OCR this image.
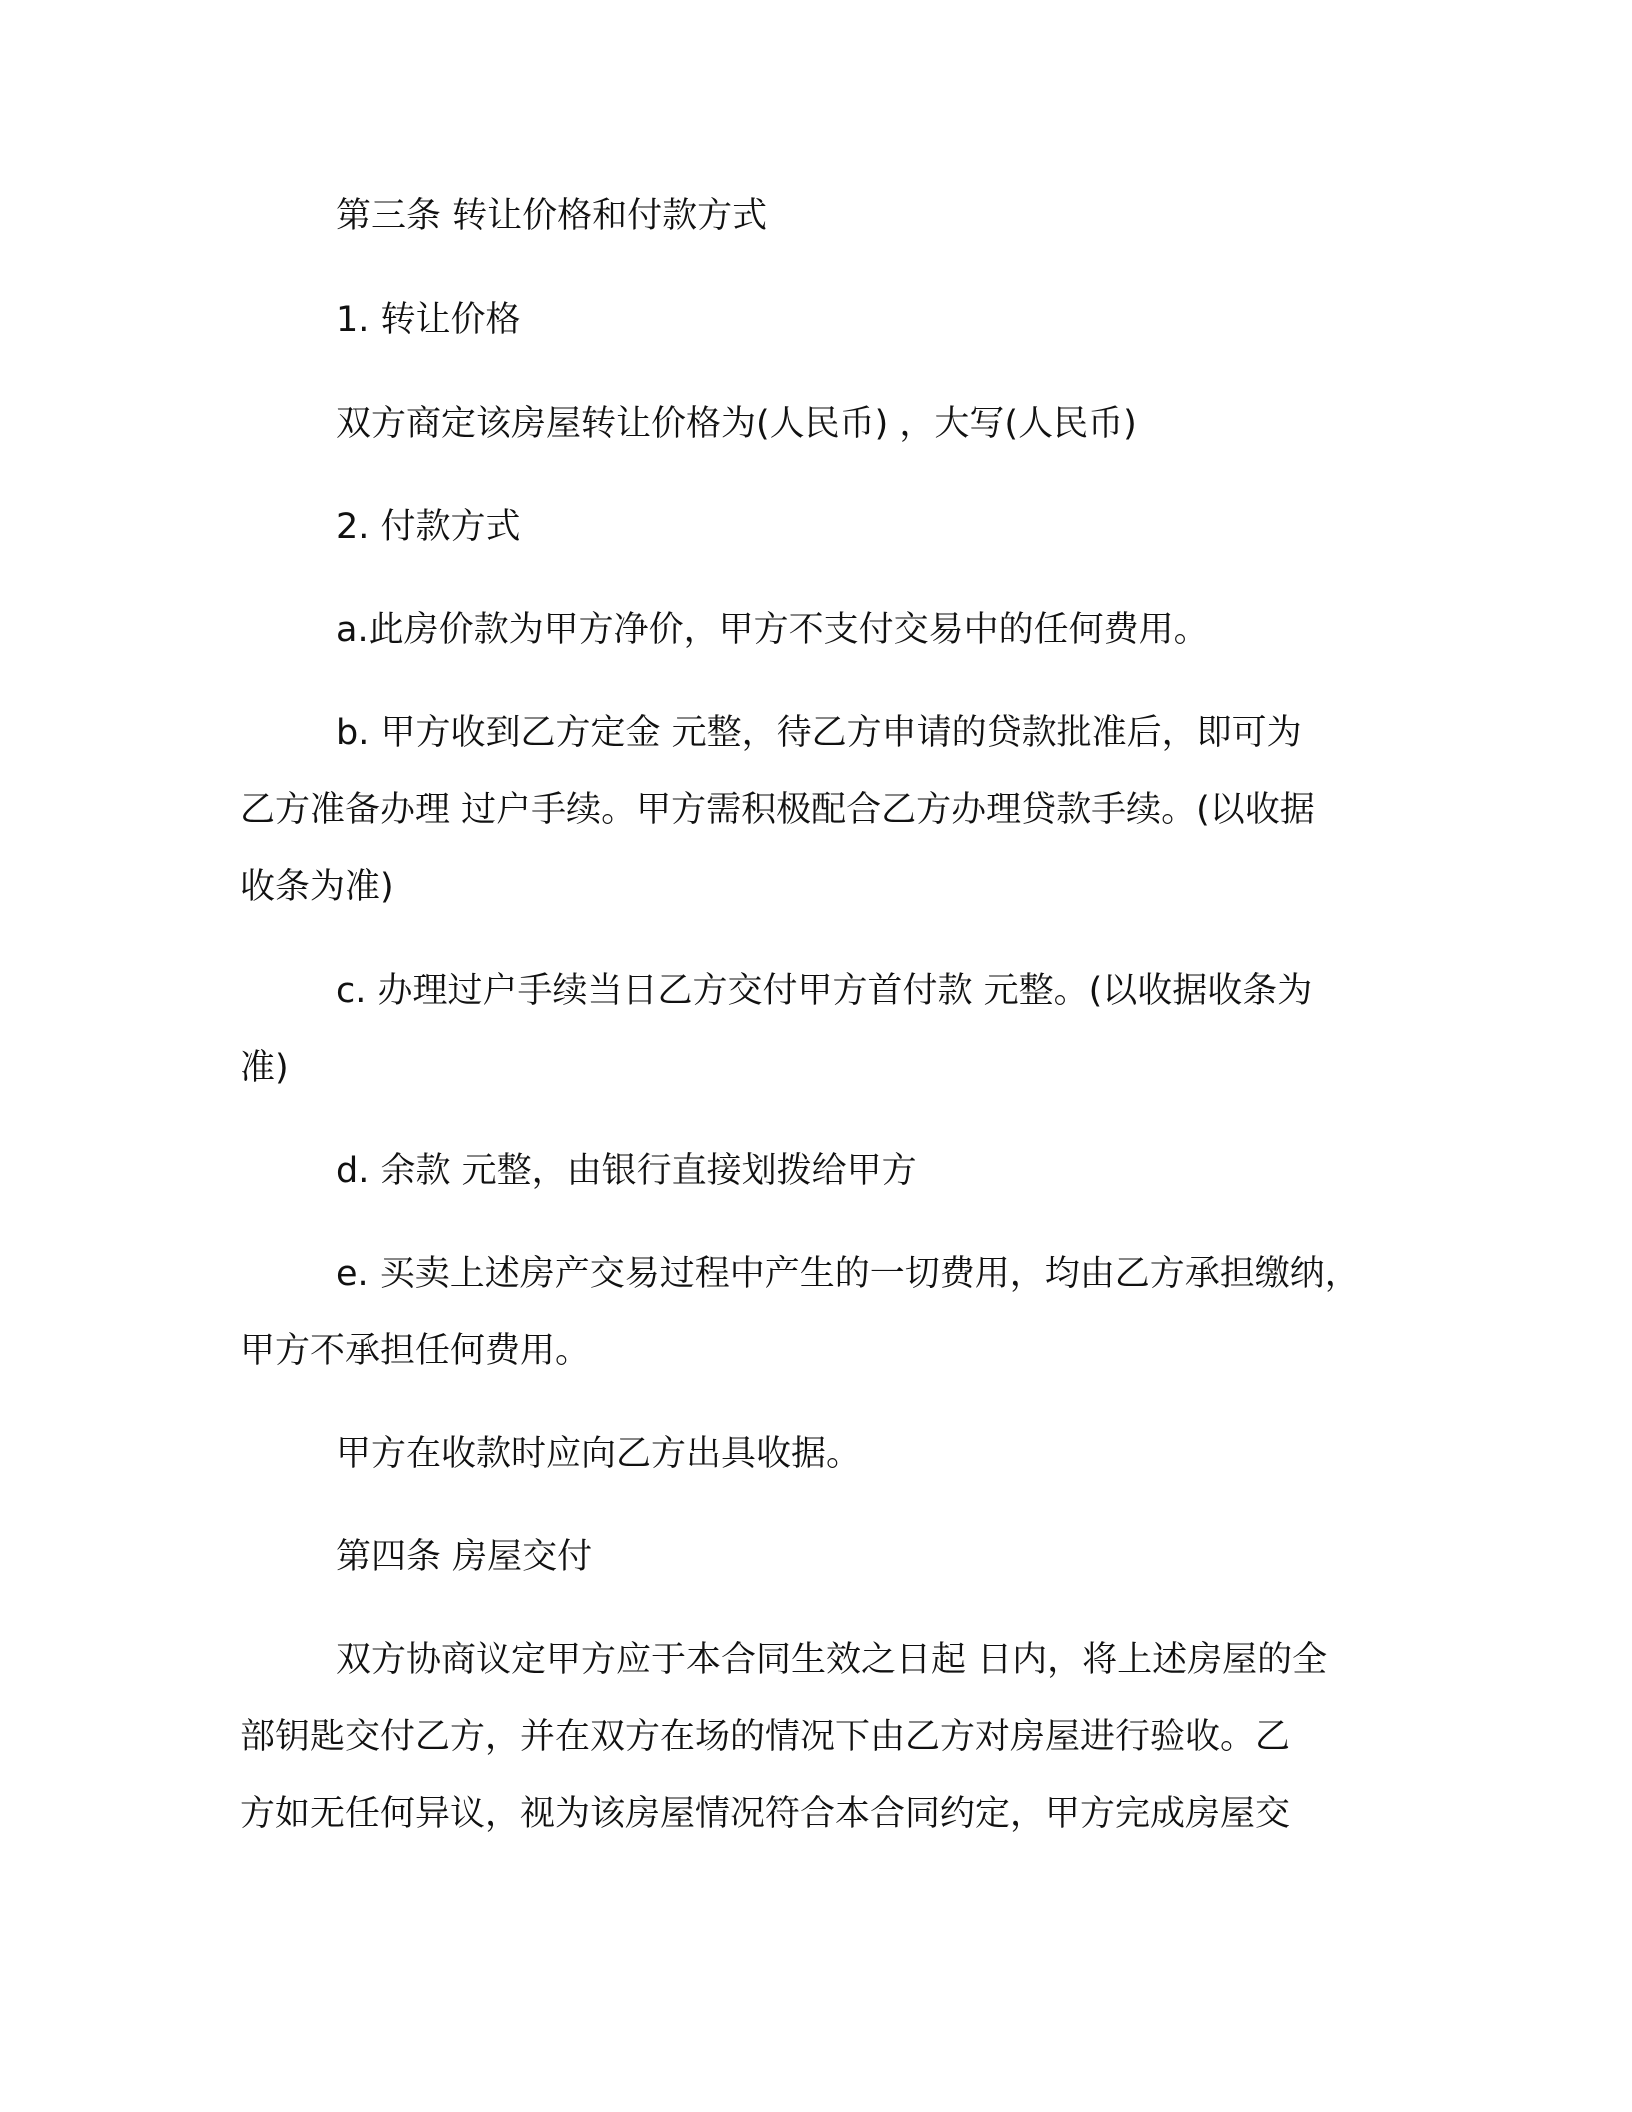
第三条 转让价格和付款方式
1. 转让价格
双方商定该房屋转让价格为(人民币) ，大写(人民币)
2. 付款方式
a.此房价款为甲方净价，甲方不支付交易中的任何费用。
b. 甲方收到乙方定金 元整，待乙方申请的贷款批准后，即可为
乙方准备办理 过户手续。甲方需积极配合乙方办理贷款手续。(以收据
收条为准)
c. 办理过户手续当日乙方交付甲方首付款 元整。(以收据收条为
准)
d. 余款 元整，由银行直接划拨给甲方
e. 买卖上述房产交易过程中产生的一切费用，均由乙方承担缴纳，
甲方不承担任何费用。
甲方在收款时应向乙方出具收据。
第四条 房屋交付
双方协商议定甲方应于本合同生效之日起 日内，将上述房屋的全
部钥匙交付乙方，并在双方在场的情况下由乙方对房屋进行验收。乙
方如无任何异议，视为该房屋情况符合本合同约定，甲方完成房屋交
